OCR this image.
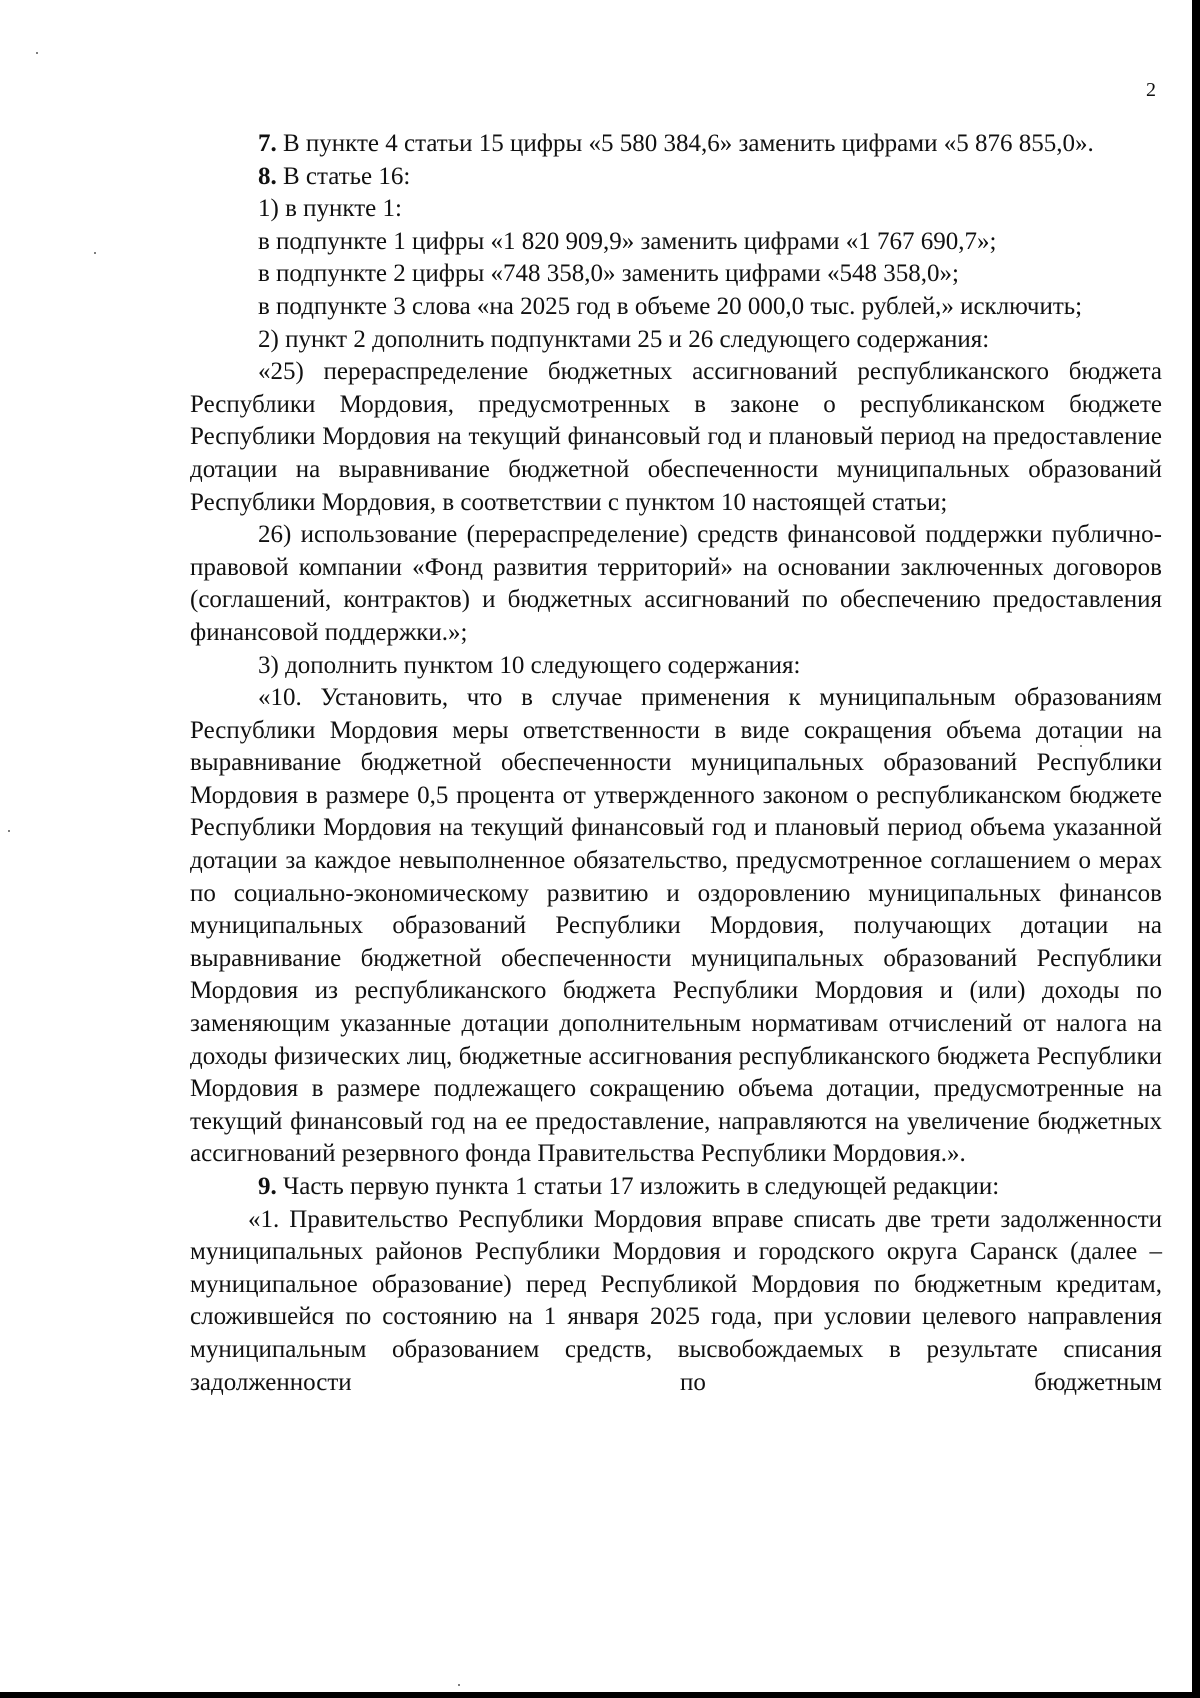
2

7. В пункте 4 статьи 15 цифры «5 580 384,6» заменить цифрами «5 876 855,0».

8. В статье 16:

1) в пункте 1:

в подпункте 1 цифры «1 820 909,9» заменить цифрами «1 767 690,7»;

в подпункте 2 цифры «748 358,0» заменить цифрами «548 358,0»;

в подпункте 3 слова «на 2025 год в объеме 20 000,0 тыс. рублей,» исключить;

2) пункт 2 дополнить подпунктами 25 и 26 следующего содержания:

«25) перераспределение бюджетных ассигнований республиканского бюджета Республики Мордовия, предусмотренных в законе о республиканском бюджете Республики Мордовия на текущий финансовый год и плановый период на предоставление дотации на выравнивание бюджетной обеспеченности муниципальных образований Республики Мордовия, в соответствии с пунктом 10 настоящей статьи;

26) использование (перераспределение) средств финансовой поддержки публично-правовой компании «Фонд развития территорий» на основании заключенных договоров (соглашений, контрактов) и бюджетных ассигнований по обеспечению предоставления финансовой поддержки.»;

3) дополнить пунктом 10 следующего содержания:

«10. Установить, что в случае применения к муниципальным образованиям Республики Мордовия меры ответственности в виде сокращения объема дотации на выравнивание бюджетной обеспеченности муниципальных образований Республики Мордовия в размере 0,5 процента от утвержденного законом о республиканском бюджете Республики Мордовия на текущий финансовый год и плановый период объема указанной дотации за каждое невыполненное обязательство, предусмотренное соглашением о мерах по социально-экономическому развитию и оздоровлению муниципальных финансов муниципальных образований Республики Мордовия, получающих дотации на выравнивание бюджетной обеспеченности муниципальных образований Республики Мордовия из республиканского бюджета Республики Мордовия и (или) доходы по заменяющим указанные дотации дополнительным нормативам отчислений от налога на доходы физических лиц, бюджетные ассигнования республиканского бюджета Республики Мордовия в размере подлежащего сокращению объема дотации, предусмотренные на текущий финансовый год на ее предоставление, направляются на увеличение бюджетных ассигнований резервного фонда Правительства Республики Мордовия.».

9. Часть первую пункта 1 статьи 17 изложить в следующей редакции:

«1. Правительство Республики Мордовия вправе списать две трети задолженности муниципальных районов Республики Мордовия и городского округа Саранск (далее – муниципальное образование) перед Республикой Мордовия по бюджетным кредитам, сложившейся по состоянию на 1 января 2025 года, при условии целевого направления муниципальным образованием средств, высвобождаемых в результате списания задолженности по бюджетным
